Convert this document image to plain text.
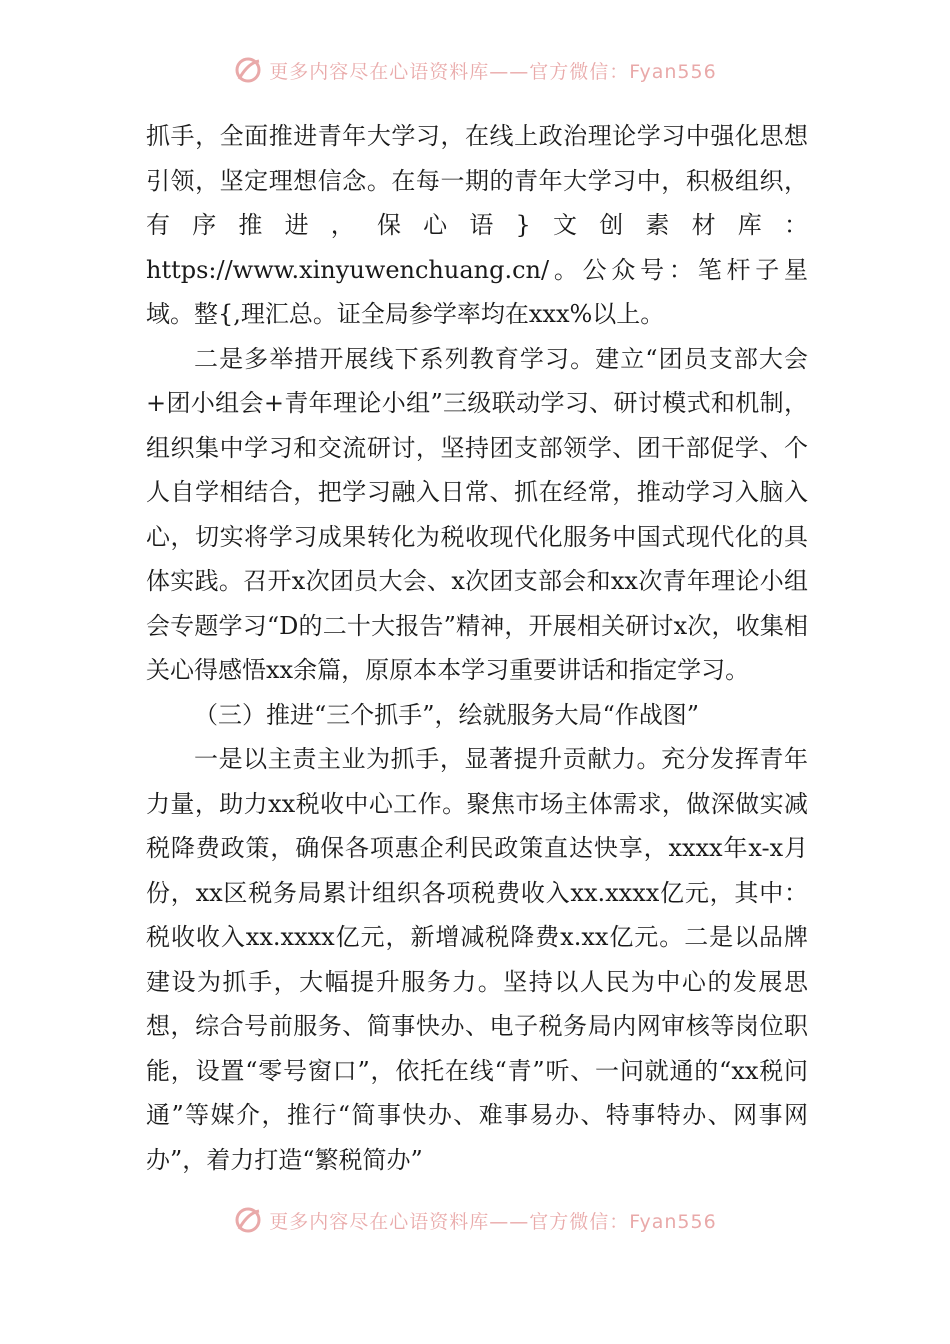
更多内容尽在心语资料库——官方微信：Fyan556

抓手，全面推进青年大学习，在线上政治理论学习中强化思想引领，坚定理想信念。在每一期的青年大学习中，积极组织，有序推进，保心语}文创素材库：https://www.xinyuwenchuang.cn/。公众号：笔杆子星域。整{,理汇总。证全局参学率均在xxx%以上。

二是多举措开展线下系列教育学习。建立“团员支部大会+团小组会+青年理论小组”三级联动学习、研讨模式和机制，组织集中学习和交流研讨，坚持团支部领学、团干部促学、个人自学相结合，把学习融入日常、抓在经常，推动学习入脑入心，切实将学习成果转化为税收现代化服务中国式现代化的具体实践。召开x次团员大会、x次团支部会和xx次青年理论小组会专题学习“D的二十大报告”精神，开展相关研讨x次，收集相关心得感悟xx余篇，原原本本学习重要讲话和指定学习。

（三）推进“三个抓手”，绘就服务大局“作战图”

一是以主责主业为抓手，显著提升贡献力。充分发挥青年力量，助力xx税收中心工作。聚焦市场主体需求，做深做实减税降费政策，确保各项惠企利民政策直达快享，xxxx年x-x月份，xx区税务局累计组织各项税费收入xx.xxxx亿元，其中：税收收入xx.xxxx亿元，新增减税降费x.xx亿元。二是以品牌建设为抓手，大幅提升服务力。坚持以人民为中心的发展思想，综合号前服务、简事快办、电子税务局内网审核等岗位职能，设置“零号窗口”，依托在线“青”听、一问就通的“xx税问通”等媒介，推行“简事快办、难事易办、特事特办、网事网办”，着力打造“繁税简办”

更多内容尽在心语资料库——官方微信：Fyan556
